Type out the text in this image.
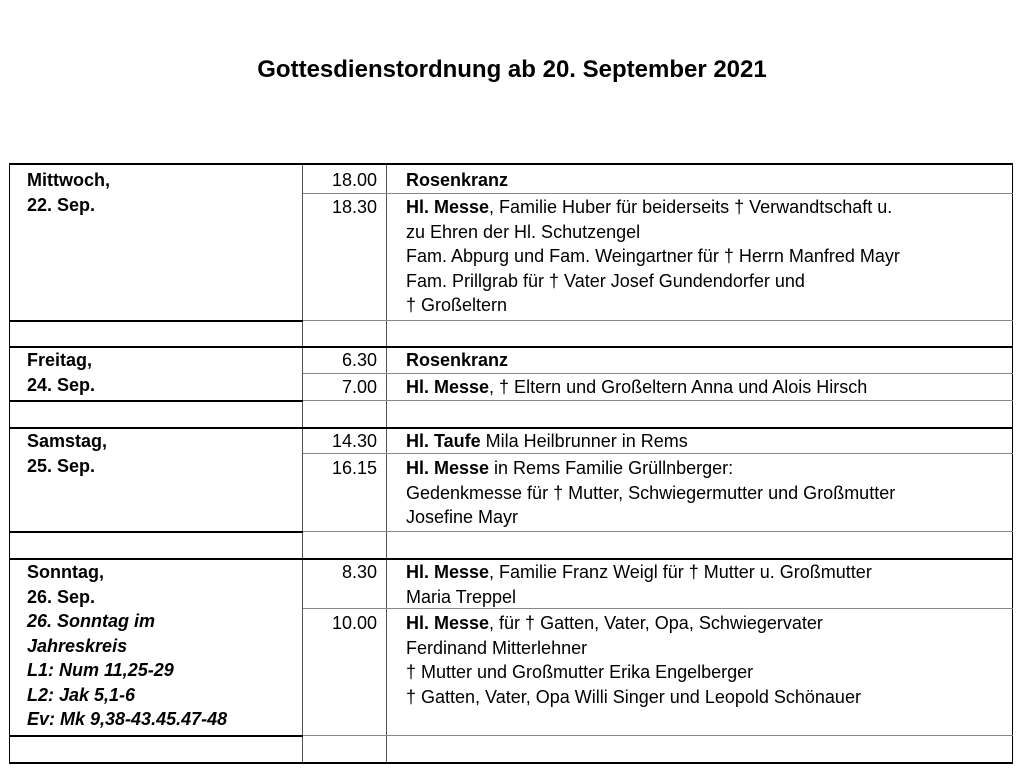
Gottesdienstordnung ab 20. September 2021
Mittwoch,
22. Sep.
18.00 Rosenkranz
18.30 Hl. Messe, Familie Huber für beiderseits † Verwandtschaft u.
zu Ehren der Hl. Schutzengel
Fam. Abpurg und Fam. Weingartner für † Herrn Manfred Mayr
Fam. Prillgrab für † Vater Josef Gundendorfer und
† Großeltern
Freitag,
24. Sep.
6.30 Rosenkranz
7.00 Hl. Messe, † Eltern und Großeltern Anna und Alois Hirsch
Samstag,
25. Sep.
14.30 Hl. Taufe Mila Heilbrunner in Rems
16.15 Hl. Messe in Rems Familie Grüllnberger:
Gedenkmesse für † Mutter, Schwiegermutter und Großmutter
Josefine Mayr
Sonntag,
26. Sep.
26. Sonntag im
Jahreskreis
L1: Num 11,25-29
L2: Jak 5,1-6
Ev: Mk 9,38-43.45.47-48
8.30 Hl. Messe, Familie Franz Weigl für † Mutter u. Großmutter
Maria Treppel
10.00 Hl. Messe, für † Gatten, Vater, Opa, Schwiegervater
Ferdinand Mitterlehner
† Mutter und Großmutter Erika Engelberger
† Gatten, Vater, Opa Willi Singer und Leopold Schönauer
